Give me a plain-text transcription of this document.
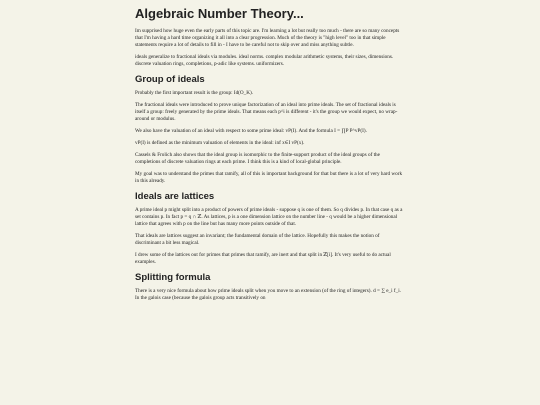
Algebraic Number Theory...

Im supprised how huge even the early parts of this topic are. I'm learning a lot but really too much - there are so many concepts that I'm having a hard time organizing it all into a clear progression. Much of the theory is "high level" too in that simple statements require a lot of details to fill in - I have to be careful not to skip over and miss anything subtle.

ideals generalize to fractional ideals via modules. ideal norms. complex modular arithmetic systems, their sizes, dimensions. discrete valuation rings, completions, p-adic like systems. uniformizers.

Group of ideals

Probably the first important result is the group: Id(O_K).

The fractional ideals were introduced to prove unique factorization of an ideal into prime ideals. The set of fractional ideals is itself a group: freely generated by the prime ideals. That means each p^i is different - it's the group we would expect, no wrap-around or modulus.

We also have the valuation of an ideal with respect to some prime ideal: vP(I). And the formula I = ∏P P^vP(I).

vP(I) is defined as the minimum valuation of elements in the ideal: inf x∈I vP(x).

Cassels & Frolich also shows that the ideal group is isomorphic to the finite-support product of the ideal groups of the completions of discrete valuation rings at each prime. I think this is a kind of local-global principle.

My goal was to understand the primes that ramify, all of this is important background for that but there is a lot of very hard work in this already.

Ideals are lattices

A prime ideal p might split into a product of powers of prime ideals - suppose q is one of them. So q divides p. In that case q as a set contains p. In fact p = q ∩ ℤ. As lattices, p is a one dimension lattice on the number line - q would be a higher dimensional lattice that agrees with p on the line but has many more points outside of that.

That ideals are lattices suggest an invariant; the fundamental domain of the lattice. Hopefully this makes the notion of discriminant a bit less magical.

I drew some of the lattices out for primes that primes that ramify, are inert and that split in ℤ[i]. It's very useful to do actual examples.

Splitting formula

There is a very nice formula about how prime ideals split when you move to an extension (of the ring of integers). d = ∑ e_i f_i. In the galois case (because the galois group acts transitively on
